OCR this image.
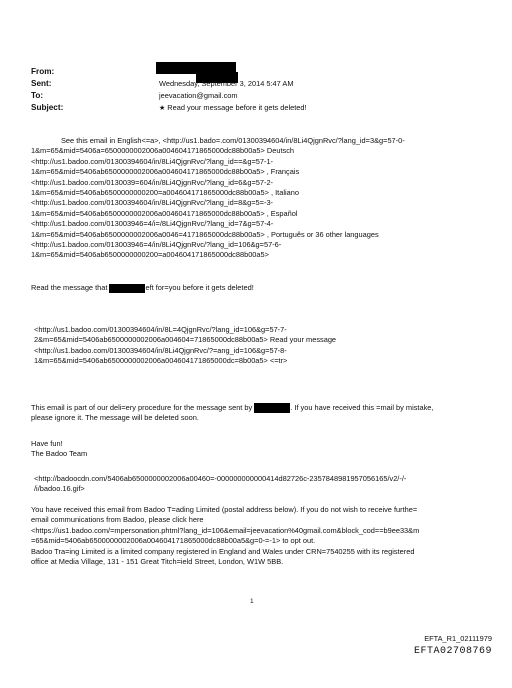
From:
Sent:	Wednesday, September 3, 2014 5:47 AM
To:	jeevacation@gmail.com
Subject:	★ Read your message before it gets deleted!
See this email in English<=a>, <http://us1.bado=.com/01300394604/in/8Li4QjgnRvc/?lang_id=3&g=57-0-
1&m=65&mid=5406a=6500000002006a004604171865000dc88b00a5> Deutsch
<http://us1.badoo.com/01300394604/in/8Li4QjgnRvc/?lang_id==&g=57-1-
1&m=65&mid=5406ab6500000002006a004604171865000dc88b00a5> , Français
<http://us1.badoo.com/0130039=604/in/8Li4QjgnRvc/?lang_id=6&g=57-2-
1&m=65&mid=5406ab6500000000200=a004604171865000dc88b00a5> , Italiano
<http://us1.badoo.com/01300394604/in/8Li4QjgnRvc/?lang_id=8&g=5=-3-
1&m=65&mid=5406ab6500000002006a004604171865000dc88b00a5> , Español
<http://us1.badoo.com/013003946=4/i=/8Li4QjgnRvc/?lang_id=7&g=57-4-
1&m=65&mid=5406ab6500000002006a0046=4171865000dc88b00a5> , Português or 36 other languages
<http://us1.badoo.com/013003946=4/in/8Li4QjgnRvc/?lang_id=106&g=57-6-
1&m=65&mid=5406ab6500000000200=a004604171865000dc88b00a5>
Read the message that	eft for=you before it gets deleted!
<http://us1.badoo.com/01300394604/in/8L=4QjgnRvc/?lang_id=106&g=57-7-
2&m=65&mid=5406ab6500000002006a004604=71865000dc88b00a5> Read your message
<http://us1.badoo.com/01300394604/in/8Li4QjgnRvc/?=ang_id=106&g=57-8-
1&m=65&mid=5406ab6500000002006a004604171865000dc=8b00a5> <=tr>
This email is part of our deli=ery procedure for the message sent by	. If you have received this =mail by mistake,
please ignore it. The message will be deleted soon.
Have fun!
The Badoo Team
<http://badoocdn.com/5406ab6500000002006a00460=-000000000000414d82726c-2357848981957056165/v2/-/-
/i/badoo.16.gif>
You have received this email from Badoo T=ading Limited (postal address below). If you do not wish to receive furthe=
email communications from Badoo, please click here
<https://us1.badoo.com/=mpersonation.phtml?lang_id=106&email=jeevacation%40gmail.com&block_cod==b9ee33&m
=65&mid=5406ab6500000002006a004604171865000dc88b00a5&g=0-=-1> to opt out.
Badoo Tra=ing Limited is a limited company registered in England and Wales under CRN=7540255 with its registered
office at Media Village, 131 - 151 Great Titch=ield Street, London, W1W 5BB.
1
EFTA_R1_02111979
EFTA02708769
